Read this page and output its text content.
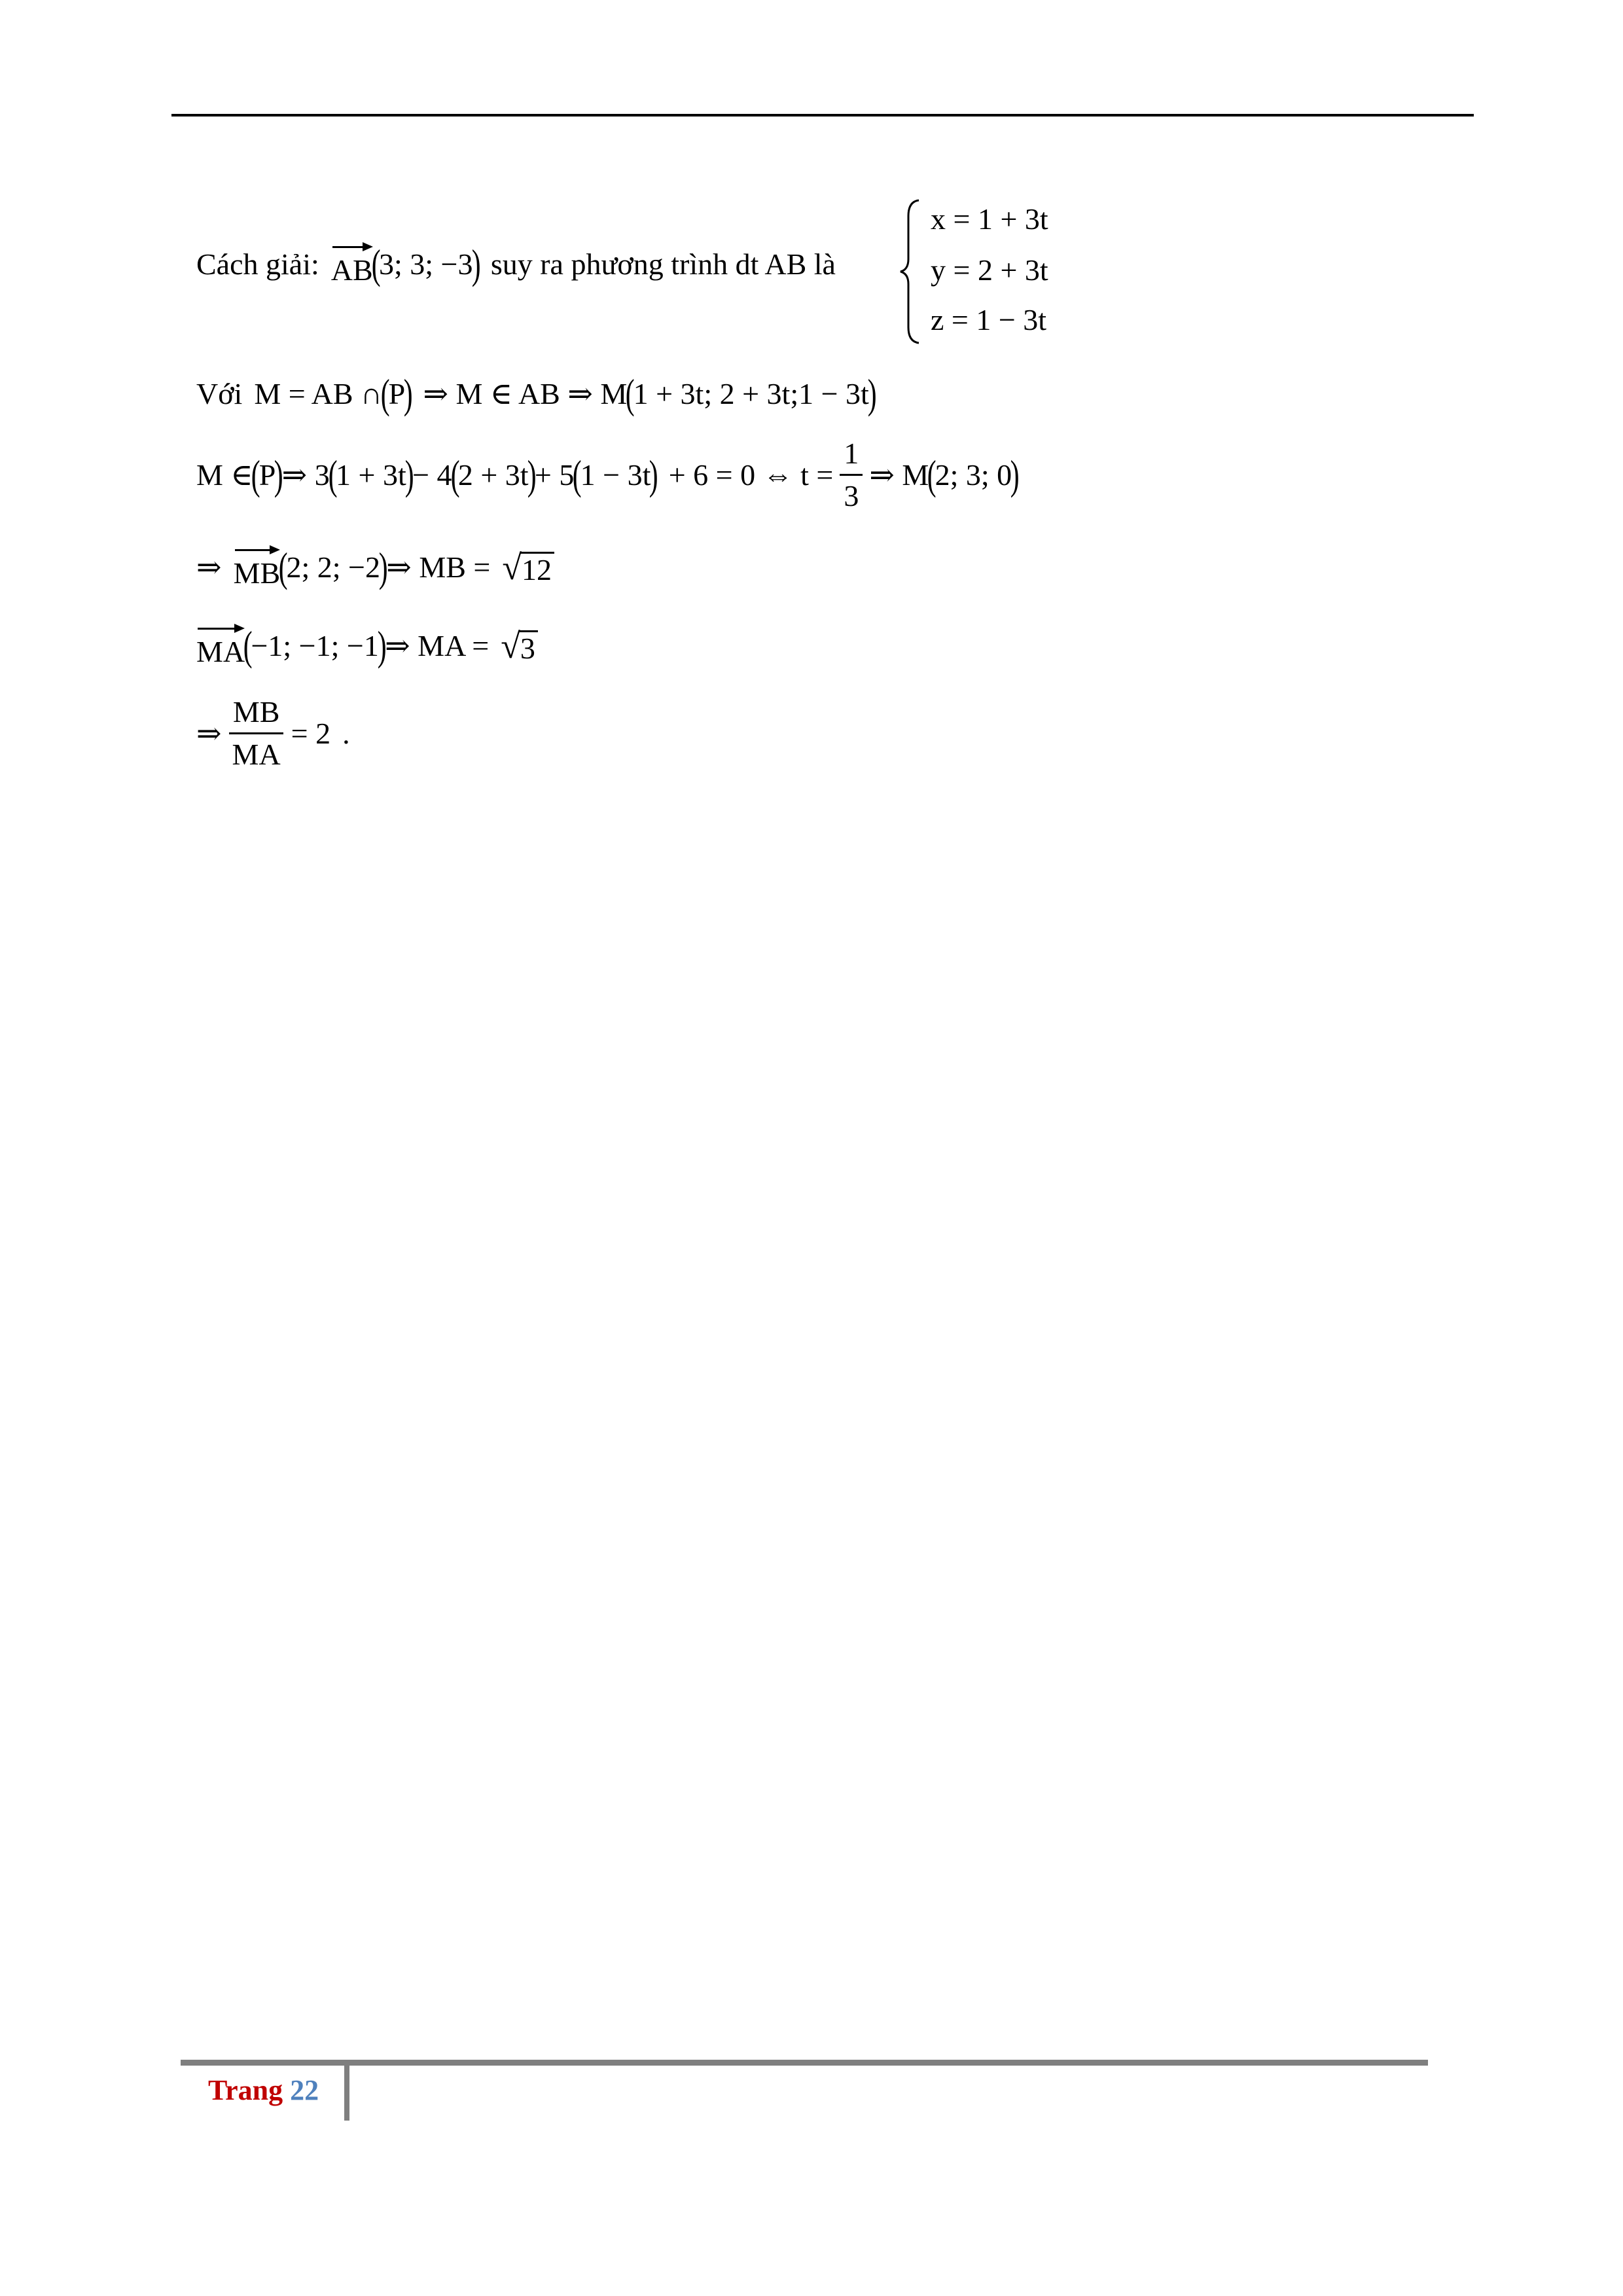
Cách giải: AB
(
3; 3; −3
) suy ra phương trình dt AB là
x = 1 + 3t
y = 2 + 3t
z = 1 − 3t
Với M = AB ∩
(
P
) ⇒ M ∈ AB ⇒ M
(
1 + 3t; 2 + 3t;1 − 3t
)
M ∈
(
P
)
⇒ 3
(
1 + 3t
)
− 4
(
2 + 3t
)
+ 5
(
1 − 3t
) + 6 = 0 ⇔ $t = \frac{1}{3}$ ⇒ M
(
2; 3; 0
)
⇒ MB
(
2; 2; −2
)
⇒ MB = √ 12
MA
(
−1; −1; −1
)
⇒ MA = √ 3
⇒ $\frac{MB}{MA} = 2$ .
Trang 22
